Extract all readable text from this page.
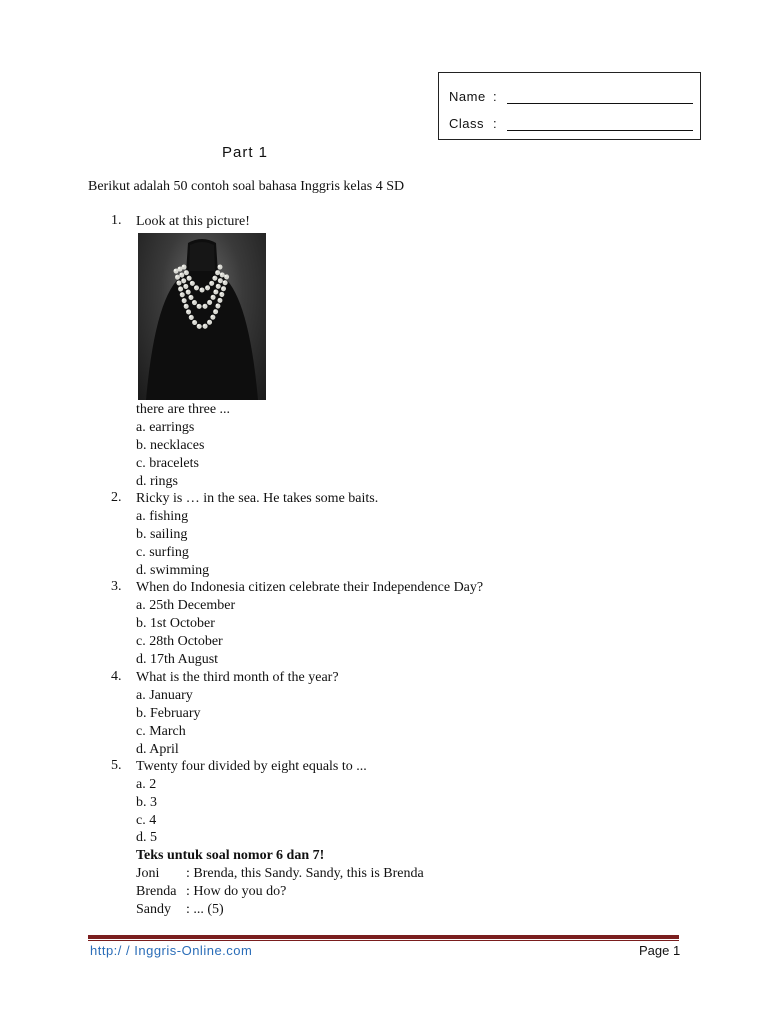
Name :
Class :
Part 1
Berikut adalah 50 contoh soal bahasa Inggris kelas 4 SD
1. Look at this picture!
there are three ...
a. earrings
b. necklaces
c. bracelets
d. rings
2. Ricky is … in the sea. He takes some baits.
a. fishing
b. sailing
c. surfing
d. swimming
3. When do Indonesia citizen celebrate their Independence Day?
a. 25th December
b. 1st October
c. 28th October
d. 17th August
4. What is the third month of the year?
a. January
b. February
c. March
d. April
5. Twenty four divided by eight equals to ...
a. 2
b. 3
c. 4
d. 5
Teks untuk soal nomor 6 dan 7!
Joni : Brenda, this Sandy. Sandy, this is Brenda
Brenda : How do you do?
Sandy : ... (5)
http:/ / Inggris-Online.com	Page 1
